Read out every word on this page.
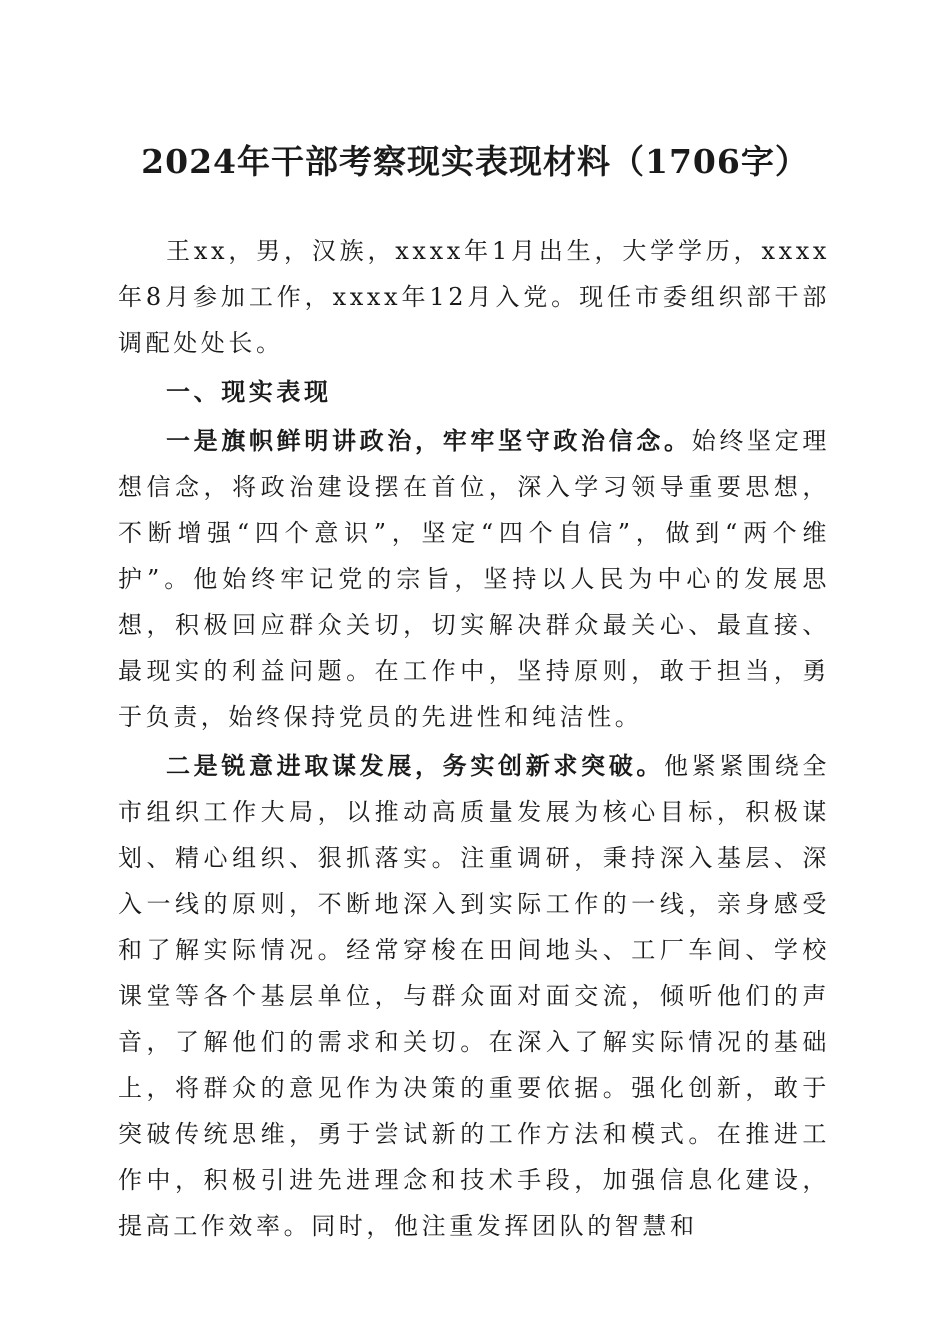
2024年干部考察现实表现材料（1706字）

王xx，男，汉族，xxxx年1月出生，大学学历，xxxx年8月参加工作，xxxx年12月入党。现任市委组织部干部调配处处长。

一、现实表现

一是旗帜鲜明讲政治，牢牢坚守政治信念。始终坚定理想信念，将政治建设摆在首位，深入学习领导重要思想，不断增强“四个意识”，坚定“四个自信”，做到“两个维护”。他始终牢记党的宗旨，坚持以人民为中心的发展思想，积极回应群众关切，切实解决群众最关心、最直接、最现实的利益问题。在工作中，坚持原则，敢于担当，勇于负责，始终保持党员的先进性和纯洁性。

二是锐意进取谋发展，务实创新求突破。他紧紧围绕全市组织工作大局，以推动高质量发展为核心目标，积极谋划、精心组织、狠抓落实。注重调研，秉持深入基层、深入一线的原则，不断地深入到实际工作的一线，亲身感受和了解实际情况。经常穿梭在田间地头、工厂车间、学校课堂等各个基层单位，与群众面对面交流，倾听他们的声音，了解他们的需求和关切。在深入了解实际情况的基础上，将群众的意见作为决策的重要依据。强化创新，敢于突破传统思维，勇于尝试新的工作方法和模式。在推进工作中，积极引进先进理念和技术手段，加强信息化建设，提高工作效率。同时，他注重发挥团队的智慧和
